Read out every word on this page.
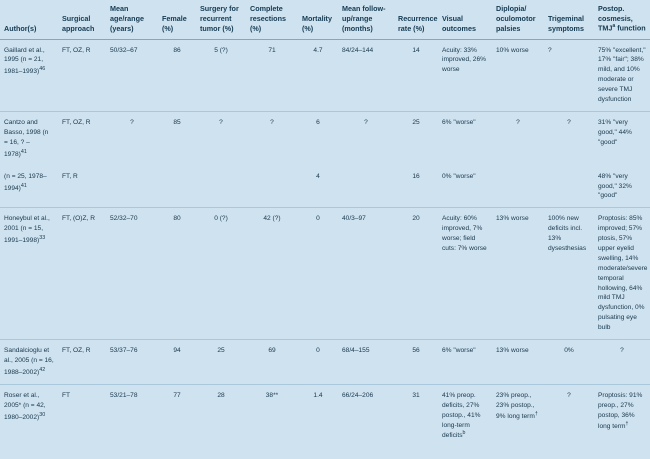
Author(s)	Surgical approach	Mean age/range (years)	Female (%)	Surgery for recurrent tumor (%)	Complete resections (%)	Mortality (%)	Mean follow-up/range (months)	Recurrence rate (%)	Visual outcomes	Diplopia/ oculomotor palsies	Trigeminal symptoms	Postop. cosmesis, TMJ$^a$ function
Gaillard et al., 1995 (n = 21, 1981–1993)$^{46}$	FT, OZ, R	50/32–67	86	5 (?)	71	4.7	84/24–144	14	Acuity: 33% improved, 26% worse	10% worse	?	75% "excellent," 17% "fair"; 38% mild, and 10% moderate or severe TMJ dysfunction
Cantzo and Basso, 1998 (n = 16, ? – 1978)$^{41}$	FT, OZ, R	?	85	?	?	6	?	25	6% "worse"	?	?	31% "very good," 44% "good"
(n = 25, 1978–1994)$^{41}$	FT, R					4		16	0% "worse"			48% "very good," 32% "good"
Honeybul et al., 2001 (n = 15, 1991–1998)$^{33}$	FT, (O)Z, R	52/32–70	80	0 (?)	42 (?)	0	40/3–97	20	Acuity: 60% improved, 7% worse; field cuts: 7% worse	13% worse	100% new deficits incl. 13% dysesthesias	Proptosis: 85% improved; 57% ptosis, 57% upper eyelid swelling, 14% moderate/severe temporal hollowing, 64% mild TMJ dysfunction, 0% pulsating eye bulb
Sandalcioglu et al., 2005 (n = 16, 1988–2002)$^{42}$	FT, OZ, R	53/37–76	94	25	69	0	68/4–155	56	6% "worse"	13% worse	0%	?
Roser et al., 2005* (n = 42, 1980–2002)$^{30}$	FT	53/21–78	77	28	38**	1.4	66/24–206	31	41% preop. deficits, 27% postop., 41% long-term deficits$^b$	23% preop., 23% postop., 9% long term†	?	Proptosis: 91% preop., 27% postop, 36% long term†
